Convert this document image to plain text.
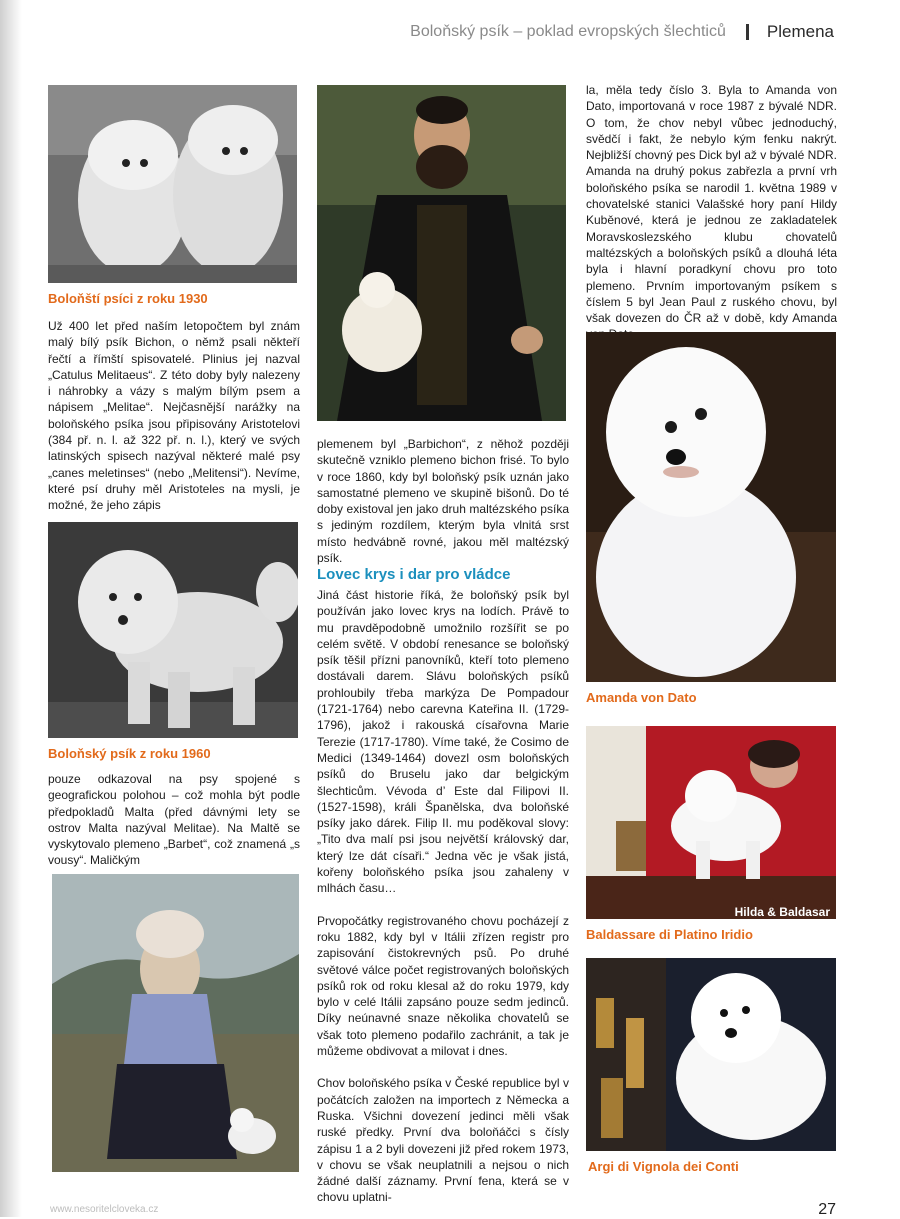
Boloňský psík – poklad evropských šlechticů Plemena
Boloňští psíci z roku 1930

Už 400 let před naším letopočtem byl znám malý bílý psík Bichon, o němž psali někteří řečtí a římští spisovatelé. Plinius jej nazval „Catulus Melitaeus“. Z této doby byly nalezeny i náhrobky a vázy s malým bílým psem a nápisem „Melitae“. Nejčasnější narážky na boloňského psíka jsou připisovány Aristotelovi (384 př. n. l. až 322 př. n. l.), který ve svých latinských spisech nazýval některé malé psy „canes meletinses“ (nebo „Melitensi“). Nevíme, které psí druhy měl Aristoteles na mysli, je možné, že jeho zápis

Boloňský psík z roku 1960

pouze odkazoval na psy spojené s geografickou polohou – což mohla být podle předpokladů Malta (před dávnými lety se ostrov Malta nazýval Melitae). Na Maltě se vyskytovalo plemeno „Barbet“, což znamená „s vousy“. Maličkým

plemenem byl „Barbichon“, z něhož později skutečně vzniklo plemeno bichon frisé. To bylo v roce 1860, kdy byl boloňský psík uznán jako samostatné plemeno ve skupině bišonů. Do té doby existoval jen jako druh maltézského psíka s jediným rozdílem, kterým byla vlnitá srst místo hedvábně rovné, jakou měl maltézský psík.

Lovec krys i dar pro vládce

Jiná část historie říká, že boloňský psík byl používán jako lovec krys na lodích. Právě to mu pravděpodobně umožnilo rozšířit se po celém světě. V období renesance se boloňský psík těšil přízni panovníků, kteří toto plemeno dostávali darem. Slávu boloňských psíků prohloubily třeba markýza De Pompadour (1721-1764) nebo carevna Kateřina II. (1729-1796), jakož i rakouská císařovna Marie Terezie (1717-1780). Víme také, že Cosimo de Medici (1349-1464) dovezl osm boloňských psíků do Bruselu jako dar belgickým šlechticům. Vévoda d’ Este dal Filipovi II. (1527-1598), králi Španělska, dva boloňské psíky jako dárek. Filip II. mu poděkoval slovy: „Tito dva malí psi jsou největší královský dar, který lze dát císaři.“ Jedna věc je však jistá, kořeny boloňského psíka jsou zahaleny v mlhách času…

Prvopočátky registrovaného chovu pocházejí z roku 1882, kdy byl v Itálii zřízen registr pro zapisování čistokrevných psů. Po druhé světové válce počet registrovaných boloňských psíků rok od roku klesal až do roku 1979, kdy bylo v celé Itálii zapsáno pouze sedm jedinců. Díky neúnavné snaze několika chovatelů se však toto plemeno podařilo zachránit, a tak je můžeme obdivovat a milovat i dnes.

Chov boloňského psíka v České republice byl v počátcích založen na importech z Německa a Ruska. Všichni dovezení jedinci měli však ruské předky. První dva boloňáčci s čísly zápisu 1 a 2 byli dovezeni již před rokem 1973, v chovu se však neuplatnili a nejsou o nich žádné další záznamy. První fena, která se v chovu uplatni-

la, měla tedy číslo 3. Byla to Amanda von Dato, importovaná v roce 1987 z bývalé NDR. O tom, že chov nebyl vůbec jednoduchý, svědčí i fakt, že nebylo kým fenku nakrýt. Nejbližší chovný pes Dick byl až v bývalé NDR. Amanda na druhý pokus zabřezla a první vrh boloňského psíka se narodil 1. května 1989 v chovatelské stanici Valašské hory paní Hildy Kuběnové, která je jednou ze zakladatelek Moravskoslezského klubu chovatelů maltézských a boloňských psíků a dlouhá léta byla i hlavní poradkyní chovu pro toto plemeno. Prvním importovaným psíkem s číslem 5 byl Jean Paul z ruského chovu, byl však dovezen do ČR až v době, kdy Amanda

Amanda von Dato
Hilda & Baldasar
Baldassare di Platino Iridio
Argi di Vignola dei Conti
www.nesoritelcloveka.cz	27
